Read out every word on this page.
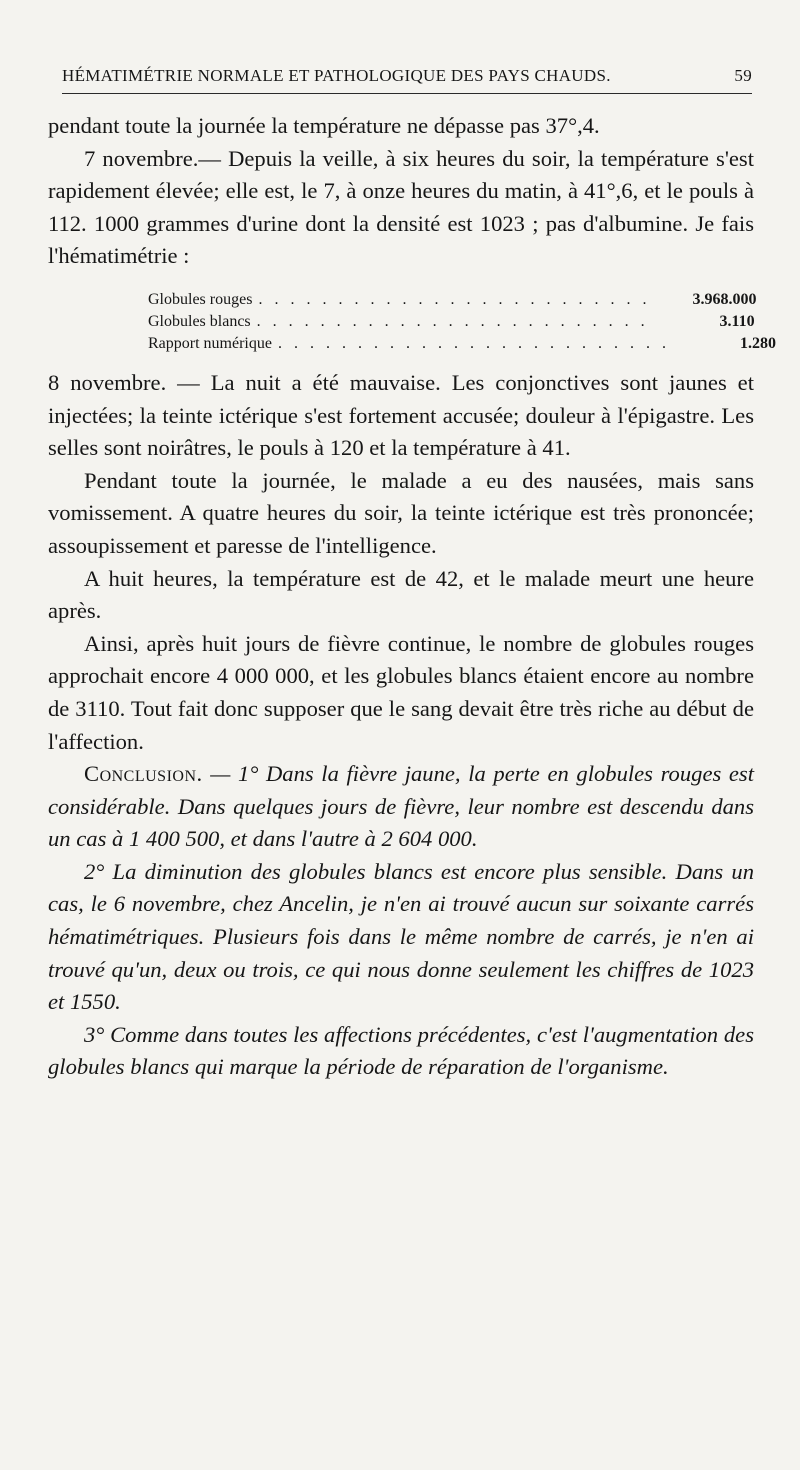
HÉMATIMÉTRIE NORMALE ET PATHOLOGIQUE DES PAYS CHAUDS.	59

pendant toute la journée la température ne dépasse pas 37°,4.

7 novembre.— Depuis la veille, à six heures du soir, la température s'est rapidement élevée; elle est, le 7, à onze heures du matin, à 41°,6, et le pouls à 112. 1000 grammes d'urine dont la densité est 1023 ; pas d'albumine. Je fais l'hématimétrie :

Globules rouges . . . . . . . . . . . . . . . . . . . . . . . . .	3.968.000
Globules blancs . . . . . . . . . . . . . . . . . . . . . . . . .	3.110
Rapport numérique . . . . . . . . . . . . . . . . . . . . . . . . .	1.280

8 novembre. — La nuit a été mauvaise. Les conjonctives sont jaunes et injectées; la teinte ictérique s'est fortement accusée; douleur à l'épigastre. Les selles sont noirâtres, le pouls à 120 et la température à 41.

Pendant toute la journée, le malade a eu des nausées, mais sans vomissement. A quatre heures du soir, la teinte ictérique est très prononcée; assoupissement et paresse de l'intelligence.

A huit heures, la température est de 42, et le malade meurt une heure après.

Ainsi, après huit jours de fièvre continue, le nombre de globules rouges approchait encore 4 000 000, et les globules blancs étaient encore au nombre de 3110. Tout fait donc supposer que le sang devait être très riche au début de l'affection.

Conclusion. — 1° Dans la fièvre jaune, la perte en globules rouges est considérable. Dans quelques jours de fièvre, leur nombre est descendu dans un cas à 1 400 500, et dans l'autre à 2 604 000.

2° La diminution des globules blancs est encore plus sensible. Dans un cas, le 6 novembre, chez Ancelin, je n'en ai trouvé aucun sur soixante carrés hématimétriques. Plusieurs fois dans le même nombre de carrés, je n'en ai trouvé qu'un, deux ou trois, ce qui nous donne seulement les chiffres de 1023 et 1550.

3° Comme dans toutes les affections précédentes, c'est l'augmentation des globules blancs qui marque la période de réparation de l'organisme.
